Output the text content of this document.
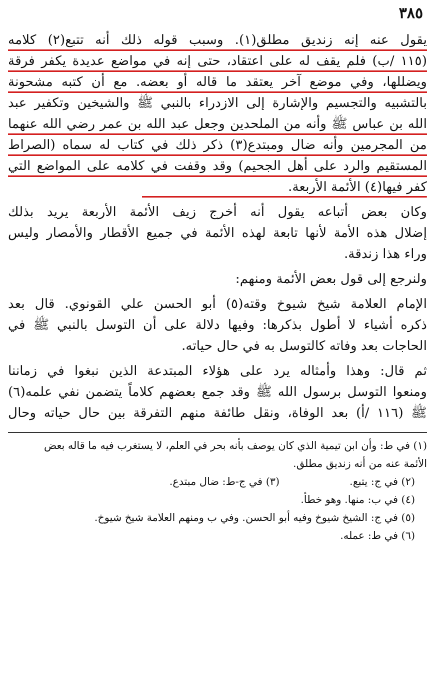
٣٨٥
يقول عنه إنه زنديق مطلق(١). وسبب قوله ذلك أنه تتبع(٢) كلامه
(١١٥ /ب) فلم يقف له على اعتقاد، حتى إنه في مواضع عديدة يكفر فرقة
ويضللها، وفي موضع آخر يعتقد ما قاله أو بعضه. مع أن كتبه مشحونة
بالتشبيه والتجسيم والإشارة إلى الازدراء بالنبي ﷺ والشيخين وتكفير عبد
الله بن عباس ﷺ وأنه من الملحدين وجعل عبد الله بن عمر رضي الله عنهما
من المجرمين وأنه ضال ومبتدع(٣) ذكر ذلك في كتاب له سماه (الصراط
المستقيم والرد على أهل الجحيم) وقد وقفت في كلامه على المواضع التي
كفر فيها(٤) الأئمة الأربعة.
وكان بعض أتباعه يقول أنه أخرج زيف الأئمة الأربعة يريد بذلك
إضلال هذه الأمة لأنها تابعة لهذه الأئمة في جميع الأقطار والأمصار وليس
وراء هذا زندقة.
ولنرجع إلى قول بعض الأئمة ومنهم:
الإمام العلامة شيخ شيوخ وقته(٥) أبو الحسن علي القونوي. قال بعد
ذكره أشياء لا أطول بذكرها: وفيها دلالة على أن التوسل بالنبي ﷺ في
الحاجات بعد وفاته كالتوسل به في حال حياته.
ثم قال: وهذا وأمثاله يرد على هؤلاء المبتدعة الذين نبغوا في زماننا
ومنعوا التوسل برسول الله ﷺ وقد جمع بعضهم كلاماً يتضمن نفي علمه(٦)
ﷺ (١١٦ /أ) بعد الوفاة، ونقل طائفة منهم التفرقة بين حال حياته وحال
(١) في ط: وأن ابن تيمية الذي كان يوصف بأنه بحر في العلم، لا يستغرب فيه ما قاله بعض
الأئمة عنه من أنه زنديق مطلق.
(٢) في ج: يتبع.
(٣) في ج-ط: ضال مبتدع.
(٤) في ب: منها. وهو خطأ.
(٥) في ج: الشيخ شيوخ وفيه أبو الحسن. وفي ب ومنهم العلامة شيخ شيوخ.
(٦) في ط: عمله.
